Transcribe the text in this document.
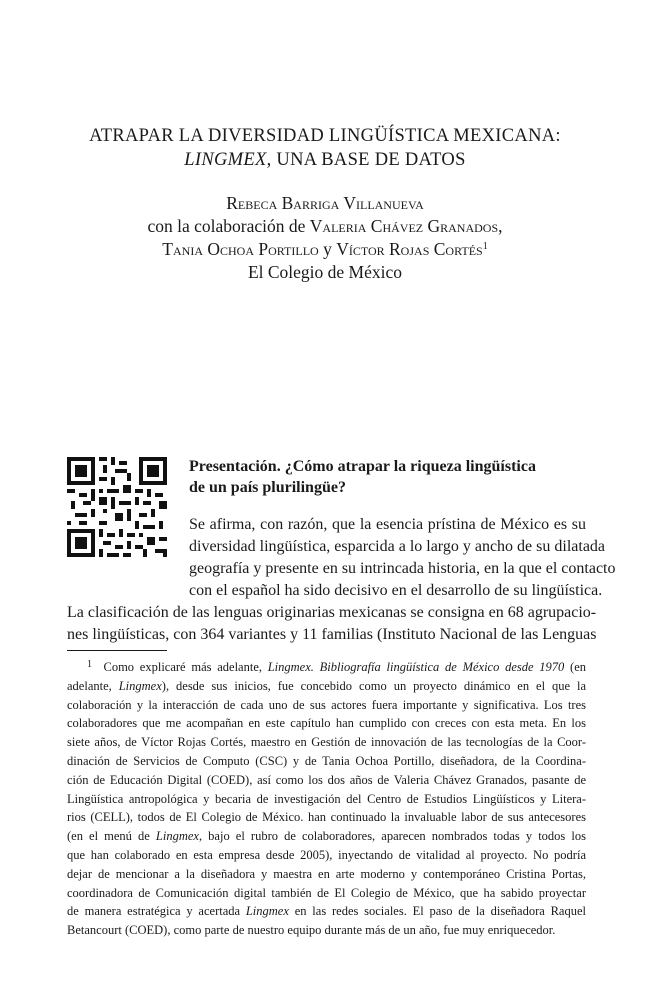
ATRAPAR LA DIVERSIDAD LINGÜÍSTICA MEXICANA:
LINGMEX, UNA BASE DE DATOS
Rebeca Barriga Villanueva
con la colaboración de Valeria Chávez Granados,
Tania Ochoa Portillo y Víctor Rojas Cortés$^1$
El Colegio de México
Presentación. ¿Cómo atrapar la riqueza lingüística
de un país plurilingüe?
Se afirma, con razón, que la esencia prístina de México es su
diversidad lingüística, esparcida a lo largo y ancho de su dilatada
geografía y presente en su intrincada historia, en la que el contacto
con el español ha sido decisivo en el desarrollo de su lingüística.
La clasificación de las lenguas originarias mexicanas se consigna en 68 agrupacio-
nes lingüísticas, con 364 variantes y 11 familias (Instituto Nacional de las Lenguas
$^1$ Como explicaré más adelante, Lingmex. Bibliografía lingüística de México desde 1970 (en
adelante, Lingmex), desde sus inicios, fue concebido como un proyecto dinámico en el que la
colaboración y la interacción de cada uno de sus actores fuera importante y significativa. Los tres
colaboradores que me acompañan en este capítulo han cumplido con creces con esta meta. En los
siete años, de Víctor Rojas Cortés, maestro en Gestión de innovación de las tecnologías de la Coor-
dinación de Servicios de Computo (CSC) y de Tania Ochoa Portillo, diseñadora, de la Coordina-
ción de Educación Digital (COED), así como los dos años de Valeria Chávez Granados, pasante de
Lingüística antropológica y becaria de investigación del Centro de Estudios Lingüísticos y Litera-
rios (CELL), todos de El Colegio de México. han continuado la invaluable labor de sus antecesores
(en el menú de Lingmex, bajo el rubro de colaboradores, aparecen nombrados todas y todos los
que han colaborado en esta empresa desde 2005), inyectando de vitalidad al proyecto. No podría
dejar de mencionar a la diseñadora y maestra en arte moderno y contemporáneo Cristina Portas,
coordinadora de Comunicación digital también de El Colegio de México, que ha sabido proyectar
de manera estratégica y acertada Lingmex en las redes sociales. El paso de la diseñadora Raquel
Betancourt (COED), como parte de nuestro equipo durante más de un año, fue muy enriquecedor.
